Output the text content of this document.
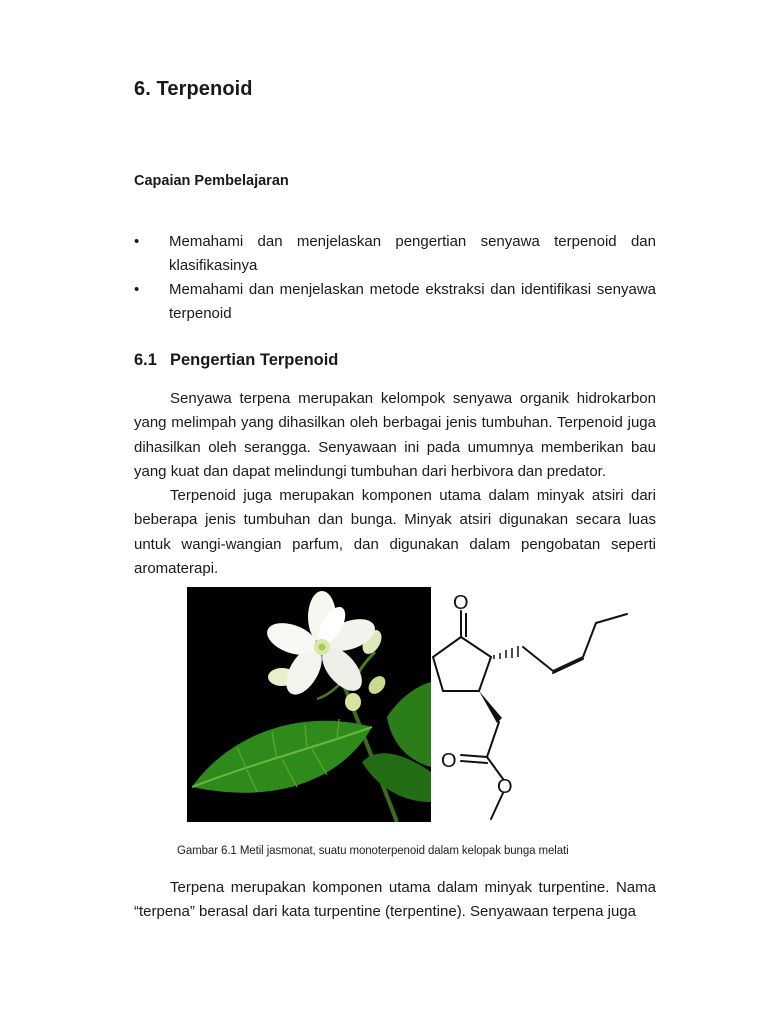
6. Terpenoid
Capaian Pembelajaran
• Memahami dan menjelaskan pengertian senyawa terpenoid dan klasifikasinya
• Memahami dan menjelaskan metode ekstraksi dan identifikasi senyawa terpenoid
6.1 Pengertian Terpenoid

Senyawa terpena merupakan kelompok senyawa organik hidrokarbon yang melimpah yang dihasilkan oleh berbagai jenis tumbuhan. Terpenoid juga dihasilkan oleh serangga. Senyawaan ini pada umumnya memberikan bau yang kuat dan dapat melindungi tumbuhan dari herbivora dan predator.

Terpenoid juga merupakan komponen utama dalam minyak atsiri dari beberapa jenis tumbuhan dan bunga. Minyak atsiri digunakan secara luas untuk wangi-wangian parfum, dan digunakan dalam pengobatan seperti aromaterapi.

O
O
O

Gambar 6.1 Metil jasmonat, suatu monoterpenoid dalam kelopak bunga melati

Terpena merupakan komponen utama dalam minyak turpentine. Nama “terpena” berasal dari kata turpentine (terpentine). Senyawaan terpena juga
